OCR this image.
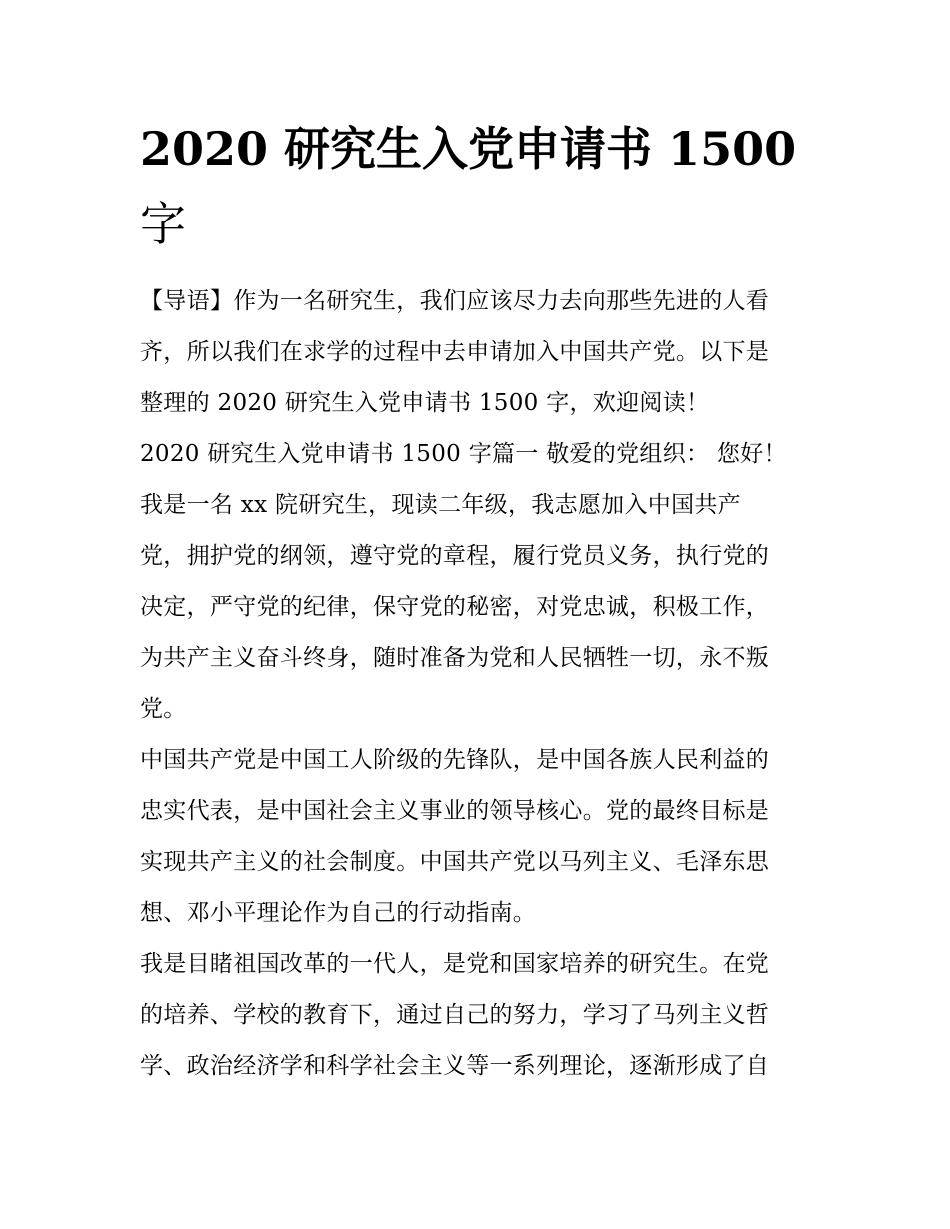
2020 研究生入党申请书 1500
字
【导语】作为一名研究生，我们应该尽力去向那些先进的人看
齐，所以我们在求学的过程中去申请加入中国共产党。以下是
整理的 2020 研究生入党申请书 1500 字，欢迎阅读！
2020 研究生入党申请书 1500 字篇一 敬爱的党组织： 您好！
我是一名 xx 院研究生，现读二年级，我志愿加入中国共产
党，拥护党的纲领，遵守党的章程，履行党员义务，执行党的
决定，严守党的纪律，保守党的秘密，对党忠诚，积极工作，
为共产主义奋斗终身，随时准备为党和人民牺牲一切，永不叛
党。
中国共产党是中国工人阶级的先锋队，是中国各族人民利益的
忠实代表，是中国社会主义事业的领导核心。党的最终目标是
实现共产主义的社会制度。中国共产党以马列主义、毛泽东思
想、邓小平理论作为自己的行动指南。
我是目睹祖国改革的一代人，是党和国家培养的研究生。在党
的培养、学校的教育下，通过自己的努力，学习了马列主义哲
学、政治经济学和科学社会主义等一系列理论，逐渐形成了自
